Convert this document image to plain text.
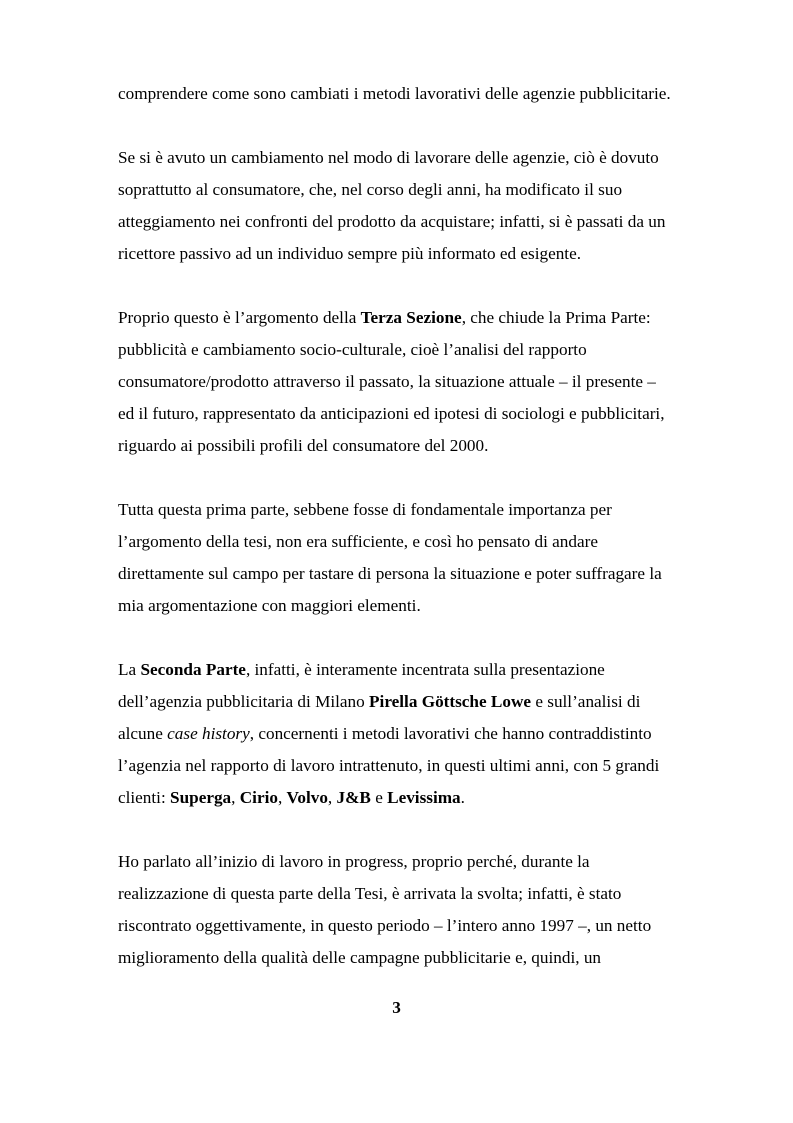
comprendere come sono cambiati i metodi lavorativi delle agenzie pubblicitarie.
Se si è avuto un cambiamento nel modo di lavorare delle agenzie, ciò è dovuto
soprattutto al consumatore, che, nel corso degli anni, ha modificato il suo
atteggiamento nei confronti del prodotto da acquistare; infatti, si è passati da un
ricettore passivo ad un individuo sempre più informato ed esigente.
Proprio questo è l’argomento della Terza Sezione, che chiude la Prima Parte:
pubblicità e cambiamento socio-culturale, cioè l’analisi del rapporto
consumatore/prodotto attraverso il passato, la situazione attuale – il presente –
ed il futuro, rappresentato da anticipazioni ed ipotesi di sociologi e pubblicitari,
riguardo ai possibili profili del consumatore del 2000.
Tutta questa prima parte, sebbene fosse di fondamentale importanza per
l’argomento della tesi, non era sufficiente, e così ho pensato di andare
direttamente sul campo per tastare di persona la situazione e poter suffragare la
mia argomentazione con maggiori elementi.
La Seconda Parte, infatti, è interamente incentrata sulla presentazione
dell’agenzia pubblicitaria di Milano Pirella Göttsche Lowe e sull’analisi di
alcune case history, concernenti i metodi lavorativi che hanno contraddistinto
l’agenzia nel rapporto di lavoro intrattenuto, in questi ultimi anni, con 5 grandi
clienti: Superga, Cirio, Volvo, J&B e Levissima.
Ho parlato all’inizio di lavoro in progress, proprio perché, durante la
realizzazione di questa parte della Tesi, è arrivata la svolta; infatti, è stato
riscontrato oggettivamente, in questo periodo – l’intero anno 1997 –, un netto
miglioramento della qualità delle campagne pubblicitarie e, quindi, un
3
